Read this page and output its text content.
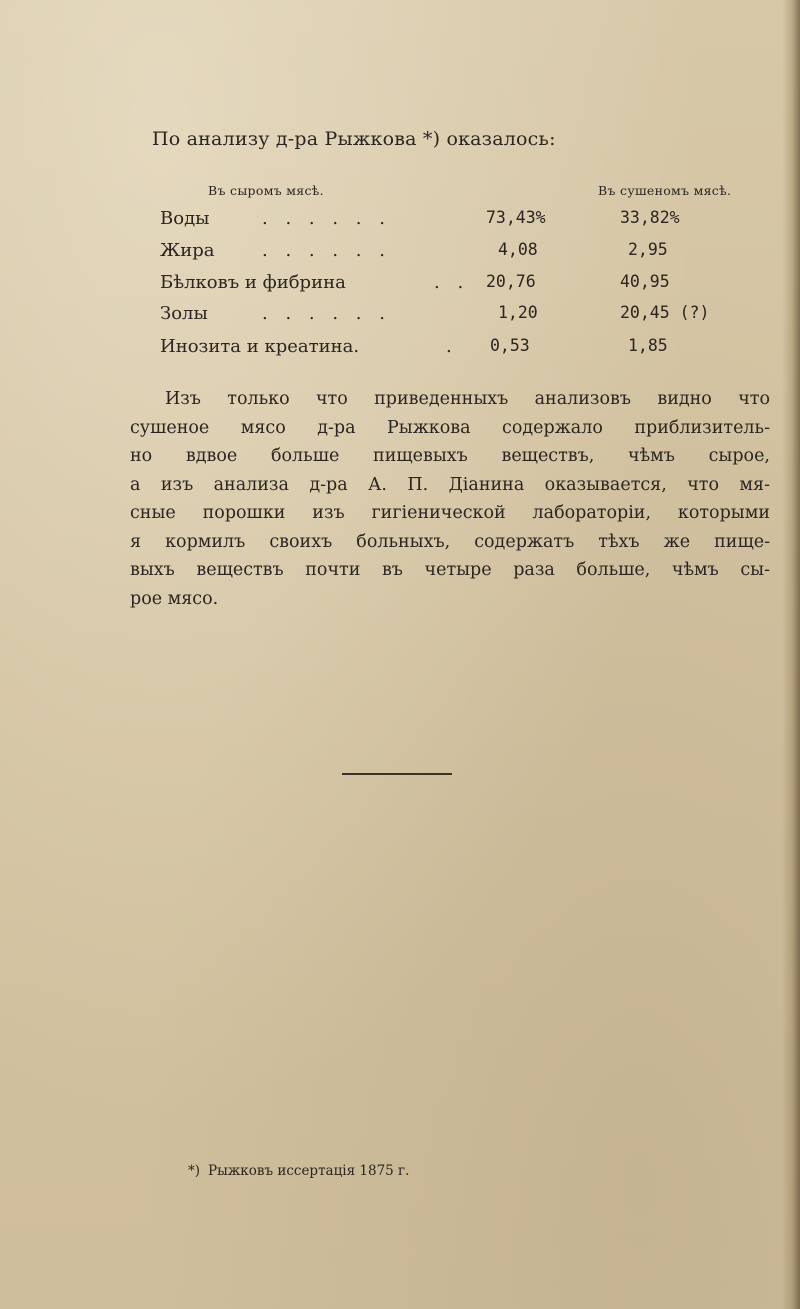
По анализу д-ра Рыжкова *) оказалось:
Въ сыромъ мясѣ.	Въ сушеномъ мясѣ.
Воды	. . . . . .	73,43%	33,82%
Жира	. . . . . .	4,08	2,95
Бѣлковъ и фибрина	. . 20,76	40,95
Золы	. . . . . .	1,20	20,45 (?)
Инозита и креатина.	. 0,53	1,85
Изъ только что приведенныхъ анализовъ видно что
сушеное мясо д-ра Рыжкова содержало приблизитель-
но вдвое больше пищевыхъ веществъ, чѣмъ сырое,
а изъ анализа д-ра А. П. Діанина оказывается, что мя-
сные порошки изъ гигіенической лабораторіи, которыми
я кормилъ своихъ больныхъ, содержатъ тѣхъ же пище-
выхъ веществъ почти въ четыре раза больше, чѣмъ сы-
рое мясо.
*) Рыжковъ иссертація 1875 г.
